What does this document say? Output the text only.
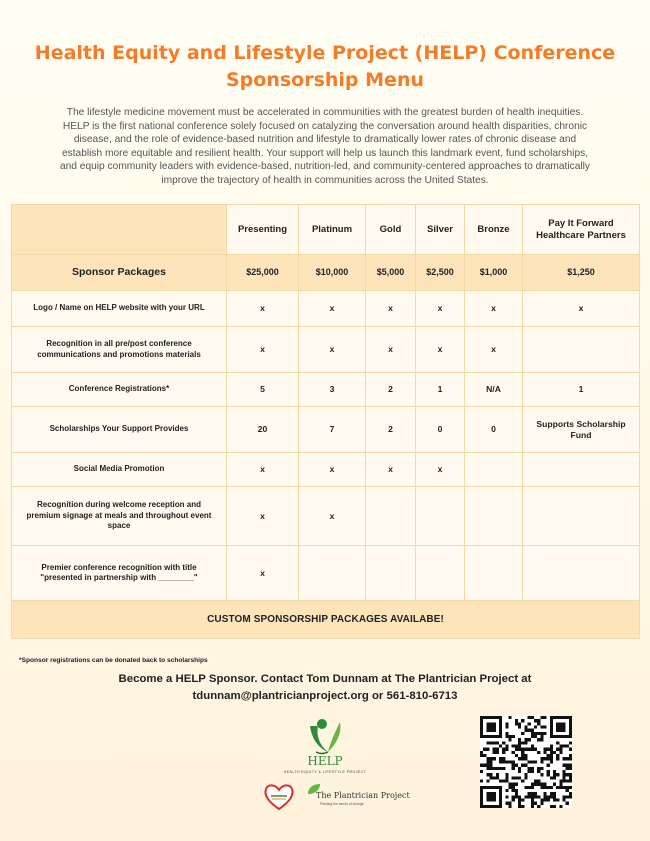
Health Equity and Lifestyle Project (HELP) Conference
Sponsorship Menu

The lifestyle medicine movement must be accelerated in communities with the greatest burden of health inequities. HELP is the first national conference solely focused on catalyzing the conversation around health disparities, chronic disease, and the role of evidence-based nutrition and lifestyle to dramatically lower rates of chronic disease and establish more equitable and resilient health. Your support will help us launch this landmark event, fund scholarships, and equip community leaders with evidence-based, nutrition-led, and community-centered approaches to dramatically improve the trajectory of health in communities across the United States.

	Presenting	Platinum	Gold	Silver	Bronze	Pay It Forward Healthcare Partners
Sponsor Packages	$25,000	$10,000	$5,000	$2,500	$1,000	$1,250
Logo / Name on HELP website with your URL	x	x	x	x	x	x
Recognition in all pre/post conference communications and promotions materials	x	x	x	x	x	
Conference Registrations*	5	3	2	1	N/A	1
Scholarships Your Support Provides	20	7	2	0	0	Supports Scholarship Fund
Social Media Promotion	x	x	x	x		
Recognition during welcome reception and premium signage at meals and throughout event space	x	x				
Premier conference recognition with title "presented in partnership with ________"	x					
CUSTOM SPONSORSHIP PACKAGES AVAILABE!						
*Sponsor registrations can be donated back to scholarships
Become a HELP Sponsor. Contact Tom Dunnam at The Plantrician Project at
tdunnam@plantricianproject.org or 561-810-6713
HELP
HEALTH EQUITY & LIFESTYLE PROJECT
The Plantrician Project
Planting the seeds of change
